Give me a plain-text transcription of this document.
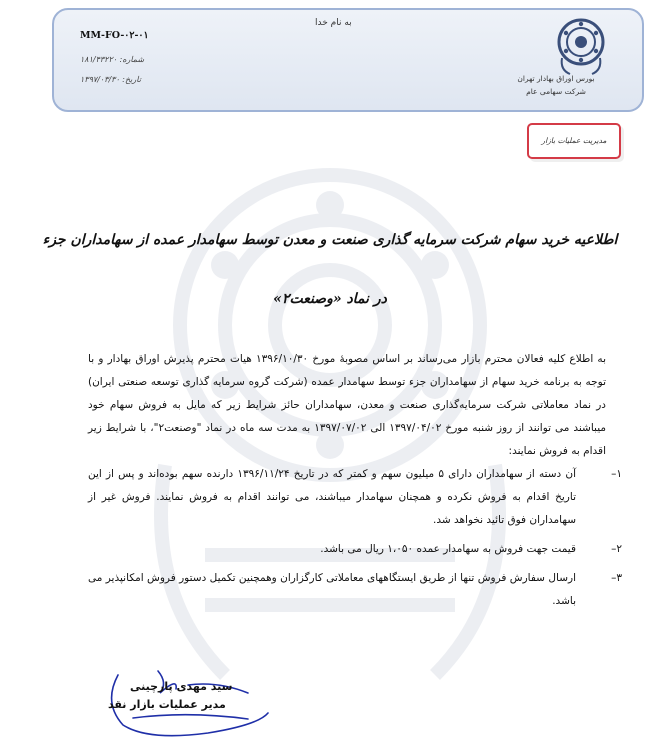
بورس اوراق بهادار تهران
شرکت سهامی عام
به نام خدا
MM-FO-۰۲-۰۱
شماره: ۱۸۱/۴۳۲۲۰
تاریخ: ۱۳۹۷/۰۳/۳۰
مدیریت عملیات بازار
اطلاعیه خرید سهام شرکت سرمایه گذاری صنعت و معدن توسط سهامدار عمده از سهامداران جزء
در نماد «وصنعت۲»

به اطلاع کلیه فعالان محترم بازار می‌رساند بر اساس مصوبهٔ مورخ ۱۳۹۶/۱۰/۳۰ هیات محترم پذیرش اوراق بهادار و با توجه به برنامه خرید سهام از سهامداران جزء توسط سهامدار عمده (شرکت گروه سرمایه گذاری توسعه صنعتی ایران) در نماد معاملاتی شرکت سرمایه‌گذاری صنعت و معدن، سهامداران حائز شرایط زیر که مایل به فروش سهام خود میباشند می توانند از روز شنبه مورخ ۱۳۹۷/۰۴/۰۲ الی ۱۳۹۷/۰۷/۰۲ به مدت سه ماه در نماد "وصنعت۲"، با شرایط زیر اقدام به فروش نمایند:

۱–
آن دسته از سهامداران دارای ۵ میلیون سهم و کمتر که در تاریخ ۱۳۹۶/۱۱/۲۴ دارنده سهم بوده‌اند و پس از این تاریخ اقدام به فروش نکرده و همچنان سهامدار میباشند، می توانند اقدام به فروش نمایند. فروش غیر از سهامداران فوق تائید نخواهد شد.

۲–
قیمت جهت فروش به سهامدار عمده ۱،۰۵۰ ریال می باشد.

۳–
ارسال سفارش فروش تنها از طریق ایستگاههای معاملاتی کارگزاران وهمچنین تکمیل دستور فروش امکانپذیر می باشد.

سید مهدی پارچینی
مدیر عملیات بازار نقد
